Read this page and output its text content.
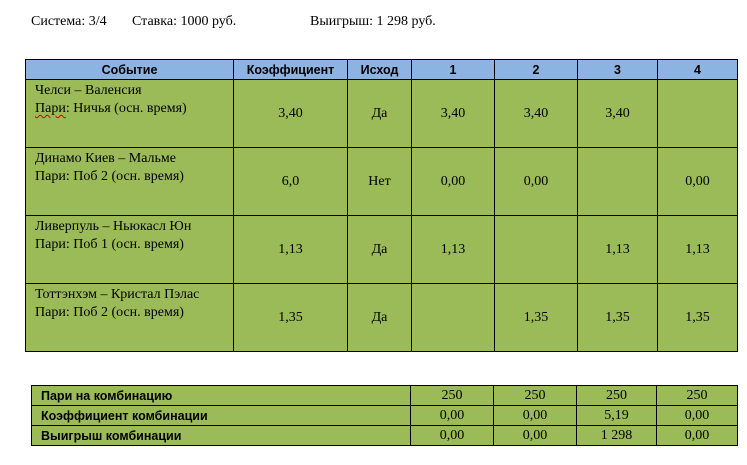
Система: 3/4 Ставка: 1000 руб.	Выигрыш: 1 298 руб.
Событие	Коэффициент	Исход	1	2	3	4

Челси – Валенсия
Пари: Ничья (осн. время)	3,40	Да	3,40	3,40	3,40	

Динамо Киев – Мальме
Пари: Поб 2 (осн. время)	6,0	Нет	0,00	0,00		0,00

Ливерпуль – Ньюкасл Юн
Пари: Поб 1 (осн. время)	1,13	Да	1,13		1,13	1,13

Тоттэнхэм – Кристал Пэлас
Пари: Поб 2 (осн. время)	1,35	Да		1,35	1,35	1,35
Пари на комбинацию	250	250	250	250
Коэффициент комбинации	0,00	0,00	5,19	0,00
Выигрыш комбинации	0,00	0,00	1 298	0,00
